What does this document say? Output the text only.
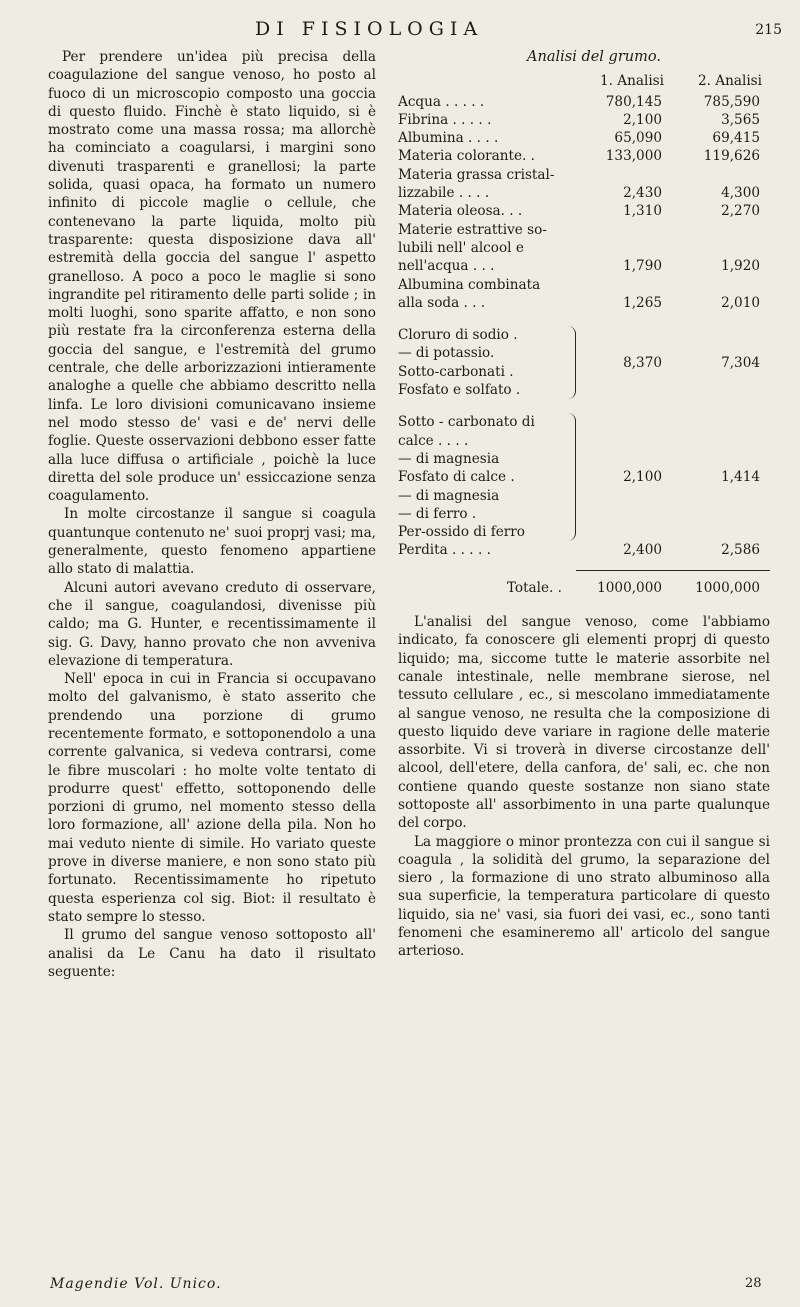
DI FISIOLOGIA	215

Per prendere un'idea più precisa della coagulazione del sangue venoso, ho posto al fuoco di un microscopio composto una goccia di questo fluido. Finchè è stato liquido, si è mostrato come una massa rossa; ma allorchè ha cominciato a coagularsi, i margini sono divenuti trasparenti e granellosi; la parte solida, quasi opaca, ha formato un numero infinito di piccole maglie o cellule, che contenevano la parte liquida, molto più trasparente: questa disposizione dava all' estremità della goccia del sangue l' aspetto granelloso. A poco a poco le maglie si sono ingrandite pel ritiramento delle parti solide ; in molti luoghi, sono sparite affatto, e non sono più restate fra la circonferenza esterna della goccia del sangue, e l'estremità del grumo centrale, che delle arborizzazioni intieramente analoghe a quelle che abbiamo descritto nella linfa. Le loro divisioni comunicavano insieme nel modo stesso de' vasi e de' nervi delle foglie. Queste osservazioni debbono esser fatte alla luce diffusa o artificiale , poichè la luce diretta del sole produce un' essiccazione senza coagulamento.

In molte circostanze il sangue si coagula quantunque contenuto ne' suoi proprj vasi; ma, generalmente, questo fenomeno appartiene allo stato di malattia.

Alcuni autori avevano creduto di osservare, che il sangue, coagulandosi, divenisse più caldo; ma G. Hunter, e recentissimamente il sig. G. Davy, hanno provato che non avveniva elevazione di temperatura.

Nell' epoca in cui in Francia si occupavano molto del galvanismo, è stato asserito che prendendo una porzione di grumo recentemente formato, e sottoponendolo a una corrente galvanica, si vedeva contrarsi, come le fibre muscolari : ho molte volte tentato di produrre quest' effetto, sottoponendo delle porzioni di grumo, nel momento stesso della loro formazione, all' azione della pila. Non ho mai veduto niente di simile. Ho variato queste prove in diverse maniere, e non sono stato più fortunato. Recentissimamente ho ripetuto questa esperienza col sig. Biot: il resultato è stato sempre lo stesso.

Il grumo del sangue venoso sottoposto all' analisi da Le Canu ha dato il risultato seguente:

Analisi del grumo.
1. Analisi	2. Analisi
Acqua . . . . .	780,145	785,590
Fibrina . . . . .	2,100	3,565
Albumina . . . .	65,090	69,415
Materia colorante. .	133,000	119,626
Materia grassa cristal-
lizzabile . . . .	2,430	4,300
Materia oleosa. . .	1,310	2,270
Materie estrattive so-
lubili nell' alcool e
nell'acqua . . .	1,790	1,920
Albumina combinata
alla soda . . .	1,265	2,010
Cloruro di sodio .
— di potassio.
Sotto-carbonati .
Fosfato e solfato .
8,370	7,304
Sotto - carbonato di
calce . . . .
— di magnesia
Fosfato di calce .
— di magnesia
— di ferro .
Per-ossido di ferro
2,100	1,414
Perdita . . . . .	2,400	2,586
Totale. .	1000,000	1000,000

L'analisi del sangue venoso, come l'abbiamo indicato, fa conoscere gli elementi proprj di questo liquido; ma, siccome tutte le materie assorbite nel canale intestinale, nelle membrane sierose, nel tessuto cellulare , ec., si mescolano immediatamente al sangue venoso, ne resulta che la composizione di questo liquido deve variare in ragione delle materie assorbite. Vi si troverà in diverse circostanze dell' alcool, dell'etere, della canfora, de' sali, ec. che non contiene quando queste sostanze non siano state sottoposte all' assorbimento in una parte qualunque del corpo.

La maggiore o minor prontezza con cui il sangue si coagula , la solidità del grumo, la separazione del siero , la formazione di uno strato albuminoso alla sua superficie, la temperatura particolare di questo liquido, sia ne' vasi, sia fuori dei vasi, ec., sono tanti fenomeni che esamineremo all' articolo del sangue arterioso.

Magendie Vol. Unico.	28
